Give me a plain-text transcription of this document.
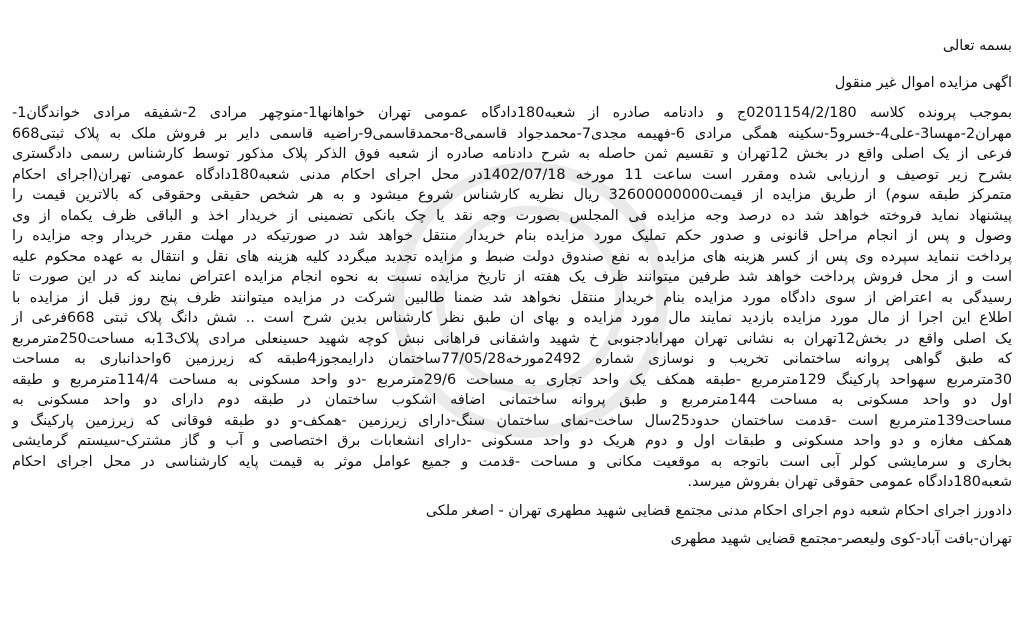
بسمه تعالی
اگهی مزایده اموال غیر منقول
بموجب پرونده کلاسه 0201154/2/180ج و دادنامه صادره از شعبه180دادگاه عمومی تهران خواهانها1-منوچهر مرادی 2-شفیقه مرادی خواندگان1-
مهران2-مهسا3-علی4-خسرو5-سکینه همگی مرادی 6-فهیمه مجدی7-محمدجواد قاسمی8-محمدقاسمی9-راضیه قاسمی دایر بر فروش ملک به پلاک ثبتی668
فرعی از یک اصلی واقع در بخش 12تهران و تقسیم ثمن حاصله به شرح دادنامه صادره از شعبه فوق الذکر پلاک مذکور توسط کارشناس رسمی دادگستری
بشرح زیر توصیف و ارزیابی شده ومقرر است ساعت 11 مورخه 1402/07/18در محل اجرای احکام مدنی شعبه180دادگاه عمومی تهران(اجرای احکام
متمرکز طبقه سوم) از طریق مزایده از قیمت32600000000 ریال نظریه کارشناس شروع میشود و به هر شخص حقیقی وحقوقی که بالاترین قیمت را
پیشنهاد نماید فروخته خواهد شد ده درصد وجه مزایده فی المجلس بصورت وجه نقد یا چک بانکی تضمینی از خریدار اخذ و الباقی ظرف یکماه از وی
وصول و پس از انجام مراحل قانونی و صدور حکم تملیک مورد مزایده بنام خریدار منتقل خواهد شد در صورتیکه در مهلت مقرر خریدار وجه مزایده را
پرداخت ننماید سپرده وی پس از کسر هزینه های مزایده به نفع صندوق دولت ضبط و مزایده تجدید میگردد کلیه هزینه های نقل و انتقال به عهده محکوم علیه
است و از محل فروش پرداخت خواهد شد طرفین میتوانند ظرف یک هفته از تاریخ مزایده نسبت به نحوه انجام مزایده اعتراض نمایند که در این صورت تا
رسیدگی به اعتراض از سوی دادگاه مورد مزایده بنام خریدار منتقل نخواهد شد ضمنا طالبین شرکت در مزایده میتوانند ظرف پنج روز قبل از مزایده با
اطلاع این اجرا از مال مورد مزایده بازدید نمایند مال مورد مزایده و بهای ان طبق نظر کارشناس بدین شرح است .. شش دانگ پلاک ثبتی 668فرعی از
یک اصلی واقع در بخش12تهران به نشانی تهران مهرابادجنوبی خ شهید واشقانی فراهانی نبش کوچه شهید حسینعلی مرادی پلاک13به مساحت250مترمربع
که طبق گواهی پروانه ساختمانی تخریب و نوسازی شماره 2492مورخه77/05/28ساختمان دارایمجوز4طبقه که زیرزمین 6واحدانباری به مساحت
30مترمربع سهواحد پارکینگ 129مترمربع -طبقه همکف یک واحد تجاری به مساحت 29/6مترمربع -دو واحد مسکونی به مساحت 114/4مترمربع و طبقه
اول دو واحد مسکونی به مساحت 144مترمربع و طبق پروانه ساختمانی اضافه اشکوب ساختمان در طبقه دوم دارای دو واحد مسکونی به
مساحت139مترمربع است -قدمت ساختمان حدود25سال ساخت-نمای ساختمان سنگ-دارای زیرزمین -همکف-و دو طبقه فوقانی که زیرزمین پارکینگ و
همکف مغازه و دو واحد مسکونی و طبقات اول و دوم هریک دو واحد مسکونی -دارای انشعابات برق اختصاصی و آب و گاز مشترک-سیستم گرمایشی
بخاری و سرمایشی کولر آبی است باتوجه به موقعیت مکانی و مساحت -قدمت و جمیع عوامل موثر به قیمت پایه کارشناسی در محل اجرای احکام
شعبه180دادگاه عمومی حقوقی تهران بفروش میرسد.
دادورز اجرای احکام شعبه دوم اجرای احکام مدنی مجتمع قضایی شهید مطهری تهران - اصغر ملکی
تهران-بافت آباد-کوی ولیعصر-مجتمع قضایی شهید مطهری
